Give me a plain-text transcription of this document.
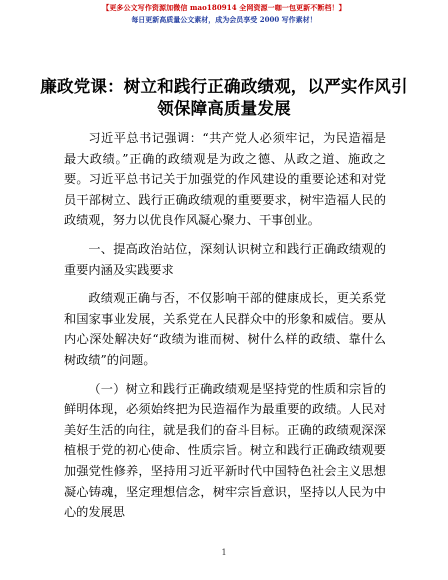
【更多公文写作资源加微信 mao180914 全网资源一咖一包更新不断档！】
每日更新高质量公文素材，成为会员享受 2000 写作素材！
廉政党课：树立和践行正确政绩观，以严实作风引领保障高质量发展

习近平总书记强调：“共产党人必须牢记，为民造福是最大政绩。”正确的政绩观是为政之德、从政之道、施政之要。习近平总书记关于加强党的作风建设的重要论述和对党员干部树立、践行正确政绩观的重要要求，树牢造福人民的政绩观，努力以优良作风凝心聚力、干事创业。

一、提高政治站位，深刻认识树立和践行正确政绩观的重要内涵及实践要求

政绩观正确与否，不仅影响干部的健康成长，更关系党和国家事业发展，关系党在人民群众中的形象和威信。要从内心深处解决好“政绩为谁而树、树什么样的政绩、靠什么树政绩”的问题。

（一）树立和践行正确政绩观是坚持党的性质和宗旨的鲜明体现，必须始终把为民造福作为最重要的政绩。人民对美好生活的向往，就是我们的奋斗目标。正确的政绩观深深植根于党的初心使命、性质宗旨。树立和践行正确政绩观要加强党性修养，坚持用习近平新时代中国特色社会主义思想凝心铸魂，坚定理想信念，树牢宗旨意识，坚持以人民为中心的发展思

1
